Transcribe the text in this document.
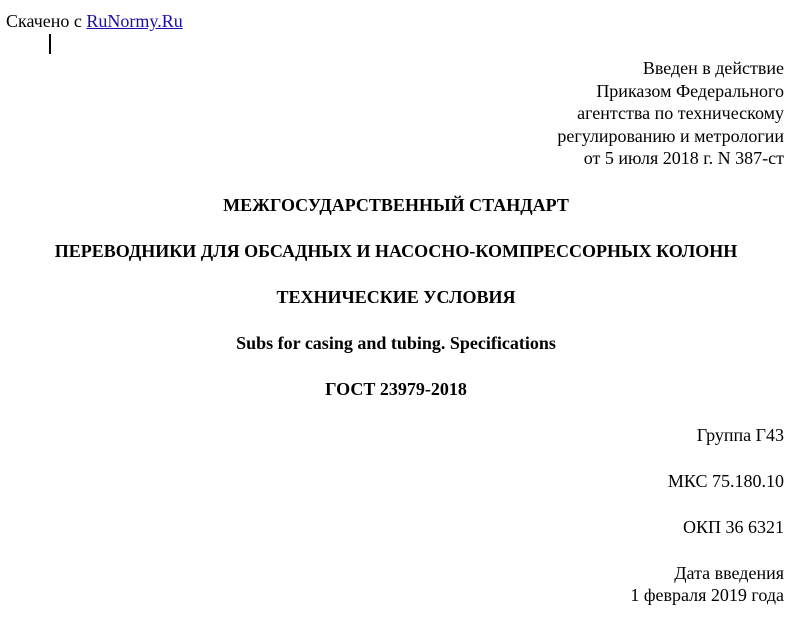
Скачено с RuNormy.Ru
Введен в действие
Приказом Федерального
агентства по техническому
регулированию и метрологии
от 5 июля 2018 г. N 387-ст
МЕЖГОСУДАРСТВЕННЫЙ СТАНДАРТ
ПЕРЕВОДНИКИ ДЛЯ ОБСАДНЫХ И НАСОСНО-КОМПРЕССОРНЫХ КОЛОНН
ТЕХНИЧЕСКИЕ УСЛОВИЯ
Subs for casing and tubing. Specifications
ГОСТ 23979-2018
Группа Г43
МКС 75.180.10
ОКП 36 6321
Дата введения
1 февраля 2019 года
